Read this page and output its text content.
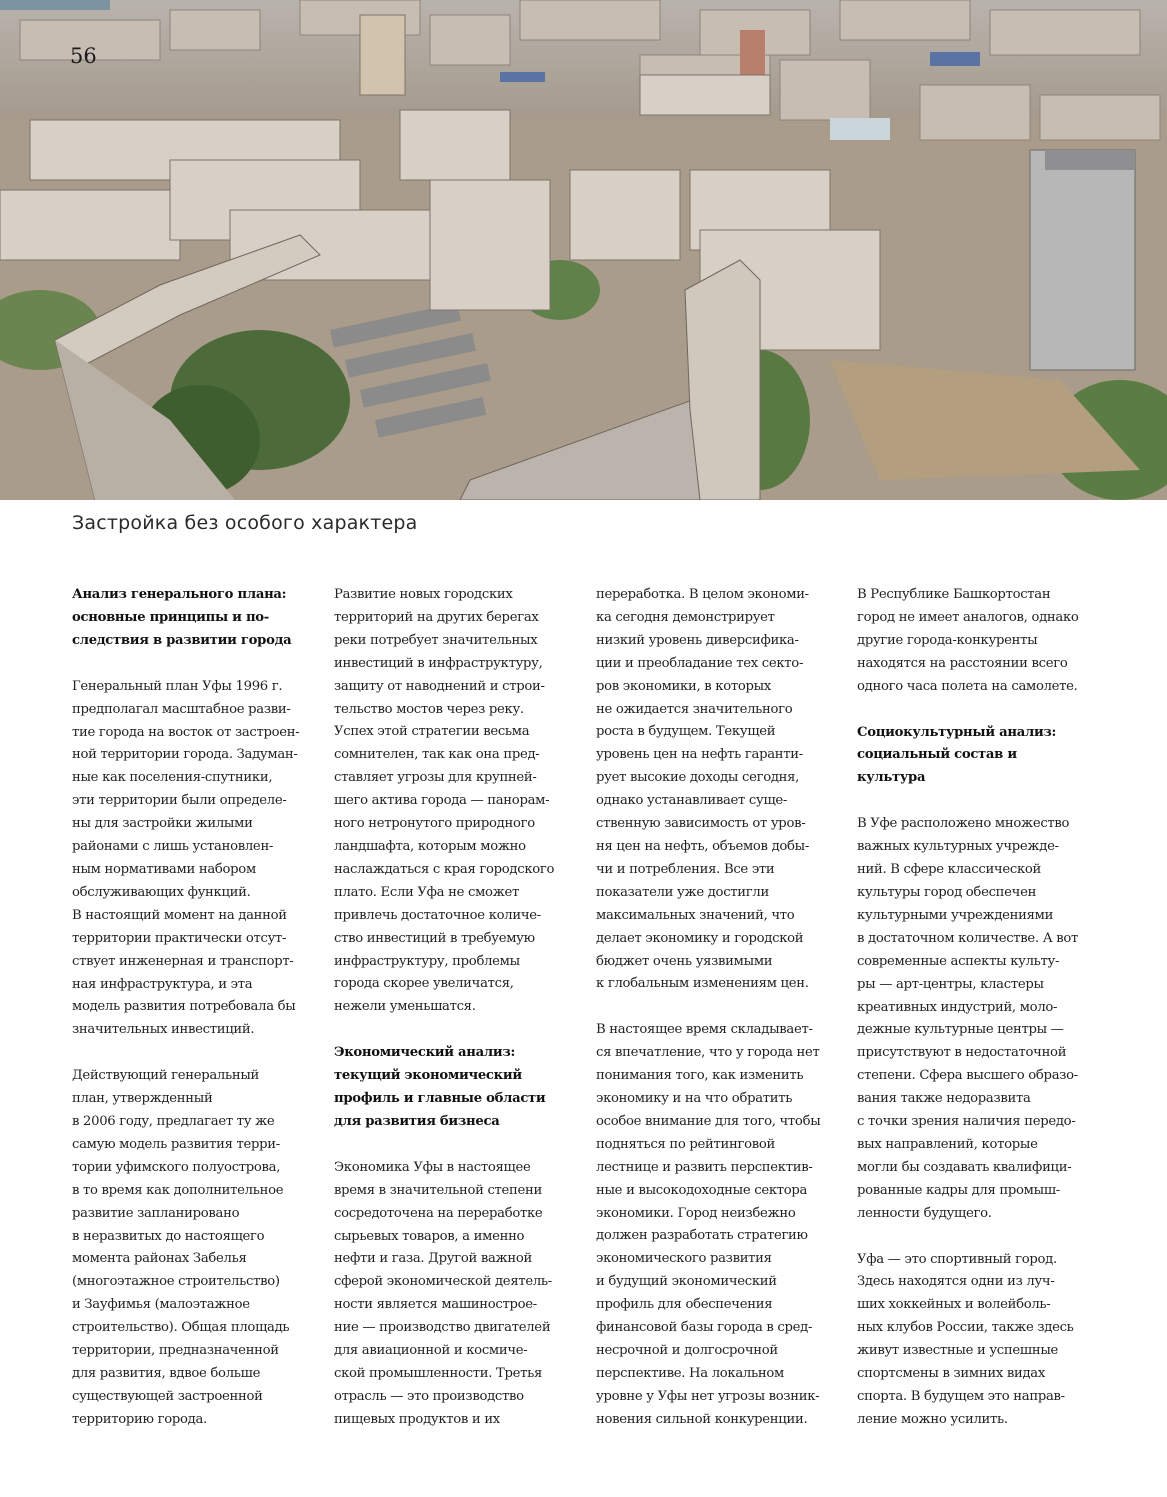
56
Застройка без особого характера
Анализ генерального плана:
основные принципы и по-
следствия в развитии города

Генеральный план Уфы 1996 г.
предполагал масштабное разви-
тие города на восток от застроен-
ной территории города. Задуман-
ные как поселения-спутники,
эти территории были определе-
ны для застройки жилыми
районами с лишь установлен-
ным нормативами набором
обслуживающих функций.
В настоящий момент на данной
территории практически отсут-
ствует инженерная и транспорт-
ная инфраструктура, и эта
модель развития потребовала бы
значительных инвестиций.

Действующий генеральный
план, утвержденный
в 2006 году, предлагает ту же
самую модель развития терри-
тории уфимского полуострова,
в то время как дополнительное
развитие запланировано
в неразвитых до настоящего
момента районах Забелья
(многоэтажное строительство)
и Зауфимья (малоэтажное
строительство). Общая площадь
территории, предназначенной
для развития, вдвое больше
существующей застроенной
территорию города.

Развитие новых городских
территорий на других берегах
реки потребует значительных
инвестиций в инфраструктуру,
защиту от наводнений и строи-
тельство мостов через реку.
Успех этой стратегии весьма
сомнителен, так как она пред-
ставляет угрозы для крупней-
шего актива города — панорам-
ного нетронутого природного
ландшафта, которым можно
наслаждаться с края городского
плато. Если Уфа не сможет
привлечь достаточное количе-
ство инвестиций в требуемую
инфраструктуру, проблемы
города скорее увеличатся,
нежели уменьшатся.

Экономический анализ:
текущий экономический
профиль и главные области
для развития бизнеса

Экономика Уфы в настоящее
время в значительной степени
сосредоточена на переработке
сырьевых товаров, а именно
нефти и газа. Другой важной
сферой экономической деятель-
ности является машинострое-
ние — производство двигателей
для авиационной и космиче-
ской промышленности. Третья
отрасль — это производство
пищевых продуктов и их

переработка. В целом экономи-
ка сегодня демонстрирует
низкий уровень диверсифика-
ции и преобладание тех секто-
ров экономики, в которых
не ожидается значительного
роста в будущем. Текущей
уровень цен на нефть гаранти-
рует высокие доходы сегодня,
однако устанавливает суще-
ственную зависимость от уров-
ня цен на нефть, объемов добы-
чи и потребления. Все эти
показатели уже достигли
максимальных значений, что
делает экономику и городской
бюджет очень уязвимыми
к глобальным изменениям цен.

В настоящее время складывает-
ся впечатление, что у города нет
понимания того, как изменить
экономику и на что обратить
особое внимание для того, чтобы
подняться по рейтинговой
лестнице и развить перспектив-
ные и высокодоходные сектора
экономики. Город неизбежно
должен разработать стратегию
экономического развития
и будущий экономический
профиль для обеспечения
финансовой базы города в сред-
несрочной и долгосрочной
перспективе. На локальном
уровне у Уфы нет угрозы возник-
новения сильной конкуренции.

В Республике Башкортостан
город не имеет аналогов, однако
другие города-конкуренты
находятся на расстоянии всего
одного часа полета на самолете.

Социокультурный анализ:
социальный состав и
культура

В Уфе расположено множество
важных культурных учрежде-
ний. В сфере классической
культуры город обеспечен
культурными учреждениями
в достаточном количестве. А вот
современные аспекты культу-
ры — арт-центры, кластеры
креативных индустрий, моло-
дежные культурные центры —
присутствуют в недостаточной
степени. Сфера высшего образо-
вания также недоразвита
с точки зрения наличия передо-
вых направлений, которые
могли бы создавать квалифици-
рованные кадры для промыш-
ленности будущего.

Уфа — это спортивный город.
Здесь находятся одни из луч-
ших хоккейных и волейболь-
ных клубов России, также здесь
живут известные и успешные
спортсмены в зимних видах
спорта. В будущем это направ-
ление можно усилить.
